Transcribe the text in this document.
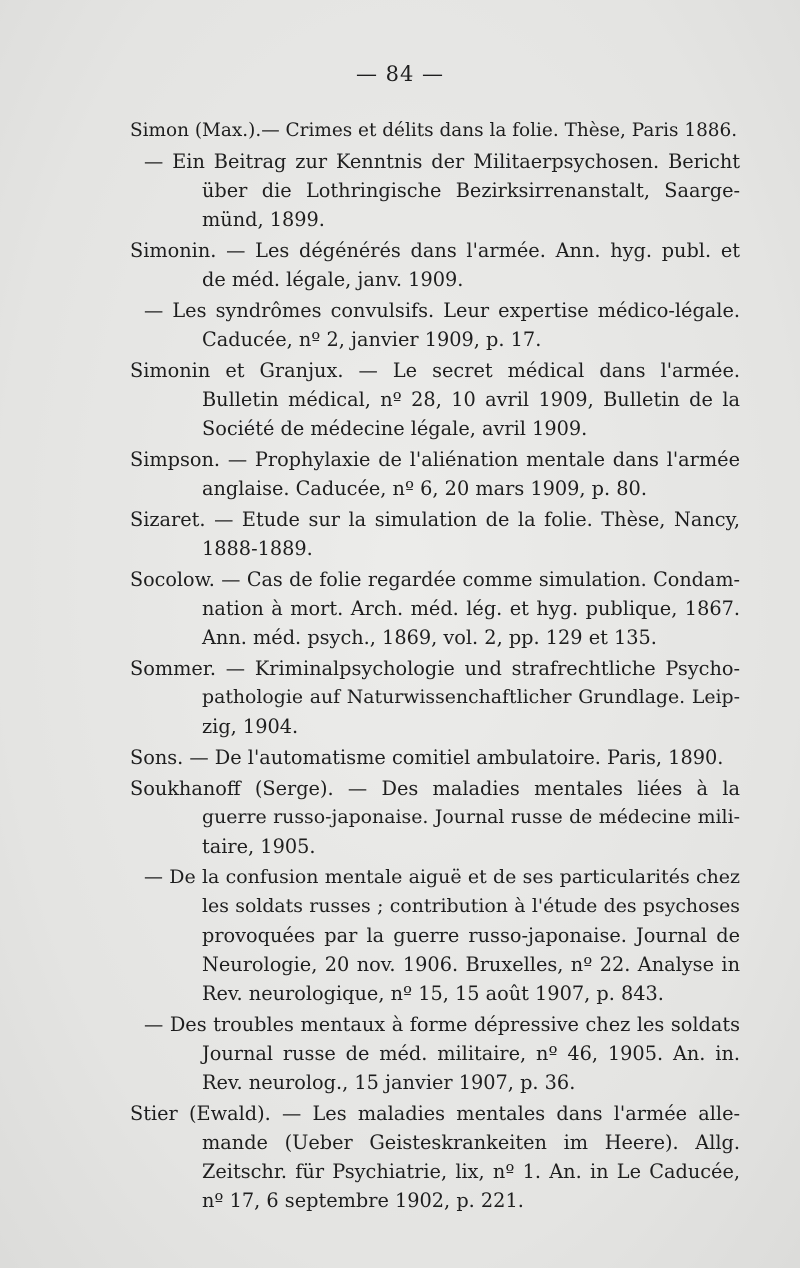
— 84 —
Simon (Max.).— Crimes et délits dans la folie. Thèse, Paris 1886.
— Ein Beitrag zur Kenntnis der Militaerpsychosen. Bericht
über die Lothringische Bezirksirrenanstalt, Saarge-
münd, 1899.
Simonin. — Les dégénérés dans l'armée. Ann. hyg. publ. et
de méd. légale, janv. 1909.
— Les syndrômes convulsifs. Leur expertise médico-légale.
Caducée, nº 2, janvier 1909, p. 17.
Simonin et Granjux. — Le secret médical dans l'armée.
Bulletin médical, nº 28, 10 avril 1909, Bulletin de la
Société de médecine légale, avril 1909.
Simpson. — Prophylaxie de l'aliénation mentale dans l'armée
anglaise. Caducée, nº 6, 20 mars 1909, p. 80.
Sizaret. — Etude sur la simulation de la folie. Thèse, Nancy,
1888-1889.
Socolow. — Cas de folie regardée comme simulation. Condam-
nation à mort. Arch. méd. lég. et hyg. publique, 1867.
Ann. méd. psych., 1869, vol. 2, pp. 129 et 135.
Sommer. — Kriminalpsychologie und strafrechtliche Psycho-
pathologie auf Naturwissenchaftlicher Grundlage. Leip-
zig, 1904.
Sons. — De l'automatisme comitiel ambulatoire. Paris, 1890.
Soukhanoff (Serge). — Des maladies mentales liées à la
guerre russo-japonaise. Journal russe de médecine mili-
taire, 1905.
— De la confusion mentale aiguë et de ses particularités chez
les soldats russes ; contribution à l'étude des psychoses
provoquées par la guerre russo-japonaise. Journal de
Neurologie, 20 nov. 1906. Bruxelles, nº 22. Analyse in
Rev. neurologique, nº 15, 15 août 1907, p. 843.
— Des troubles mentaux à forme dépressive chez les soldats
Journal russe de méd. militaire, nº 46, 1905. An. in.
Rev. neurolog., 15 janvier 1907, p. 36.
Stier (Ewald). — Les maladies mentales dans l'armée alle-
mande (Ueber Geisteskrankeiten im Heere). Allg.
Zeitschr. für Psychiatrie, lix, nº 1. An. in Le Caducée,
nº 17, 6 septembre 1902, p. 221.
